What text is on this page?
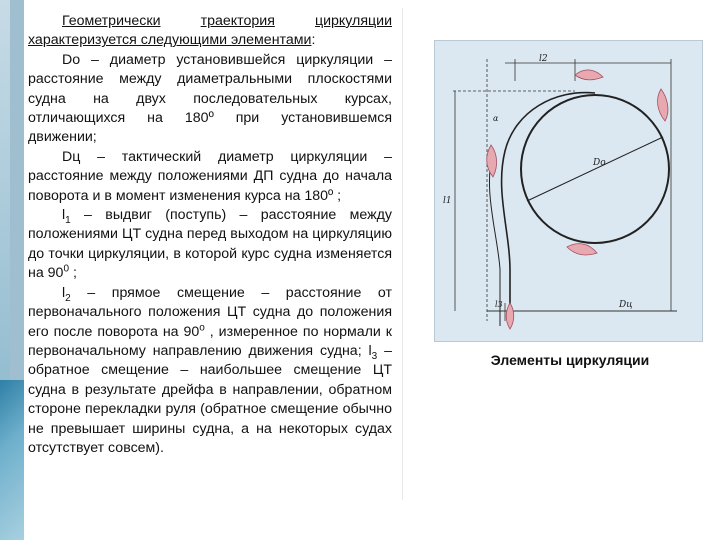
Геометрически	траектория	циркуляции характеризуется следующими элементами:

Do – диаметр установившейся циркуляции – расстояние между диаметральными плоскостями судна на двух последовательных курсах, отличающихся на 180º при установившемся движении;

Dц – тактический диаметр циркуляции – расстояние между положениями ДП судна до начала поворота и в момент изменения курса на 180º ;

$l_1$ – выдвиг (поступь) – расстояние между положениями ЦТ судна перед выходом на циркуляцию до точки циркуляции, в которой курс судна изменяется на $90^0$ ;

$l_2$ – прямое смещение – расстояние от первоначального положения ЦТ судна до положения его после поворота на $90^о$ , измеренное по нормали к первоначальному направлению движения судна; $l_3$ – обратное смещение – наибольшее смещение ЦТ судна в результате дрейфа в направлении, обратном стороне перекладки руля (обратное смещение обычно не превышает ширины судна, а на некоторых судах отсутствует совсем).

Do
Dц
l1
l2
l3
α
Элементы циркуляции
